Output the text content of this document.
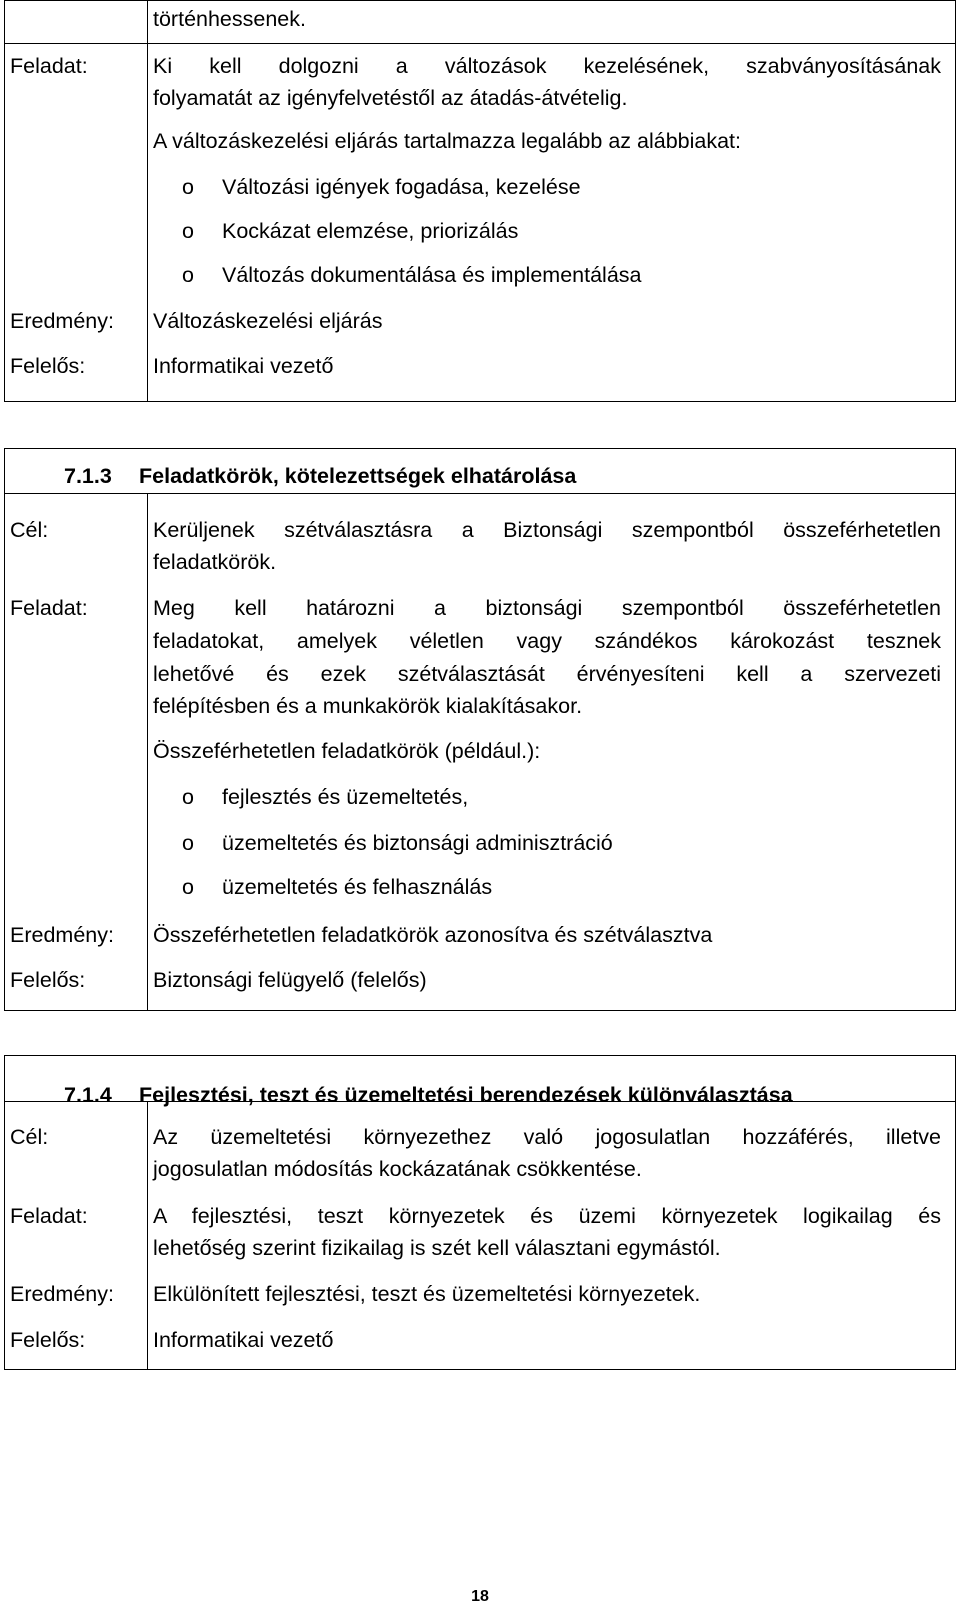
történhessenek.
Feladat:	Ki kell dolgozni a változások kezelésének, szabványosításának
folyamatát az igényfelvetéstől az átadás-átvételig.
A változáskezelési eljárás tartalmazza legalább az alábbiakat:
o Változási igények fogadása, kezelése
o Kockázat elemzése, priorizálás
o Változás dokumentálása és implementálása
Eredmény: Változáskezelési eljárás
Felelős:	Informatikai vezető
7.1.3 Feladatkörök, kötelezettségek elhatárolása
Cél:	Kerüljenek szétválasztásra a Biztonsági szempontból összeférhetetlen
feladatkörök.
Feladat:	Meg kell határozni a biztonsági szempontból összeférhetetlen
feladatokat, amelyek véletlen vagy szándékos károkozást tesznek
lehetővé és ezek szétválasztását érvényesíteni kell a szervezeti
felépítésben és a munkakörök kialakításakor.
Összeférhetetlen feladatkörök (például.):
o fejlesztés és üzemeltetés,
o üzemeltetés és biztonsági adminisztráció
o üzemeltetés és felhasználás
Eredmény: Összeférhetetlen feladatkörök azonosítva és szétválasztva
Felelős:	Biztonsági felügyelő (felelős)
7.1.4 Fejlesztési, teszt és üzemeltetési berendezések különválasztása
Cél:	Az üzemeltetési környezethez való jogosulatlan hozzáférés, illetve
jogosulatlan módosítás kockázatának csökkentése.
Feladat:	A fejlesztési, teszt környezetek és üzemi környezetek logikailag és
lehetőség szerint fizikailag is szét kell választani egymástól.
Eredmény: Elkülönített fejlesztési, teszt és üzemeltetési környezetek.
Felelős:	Informatikai vezető
18
